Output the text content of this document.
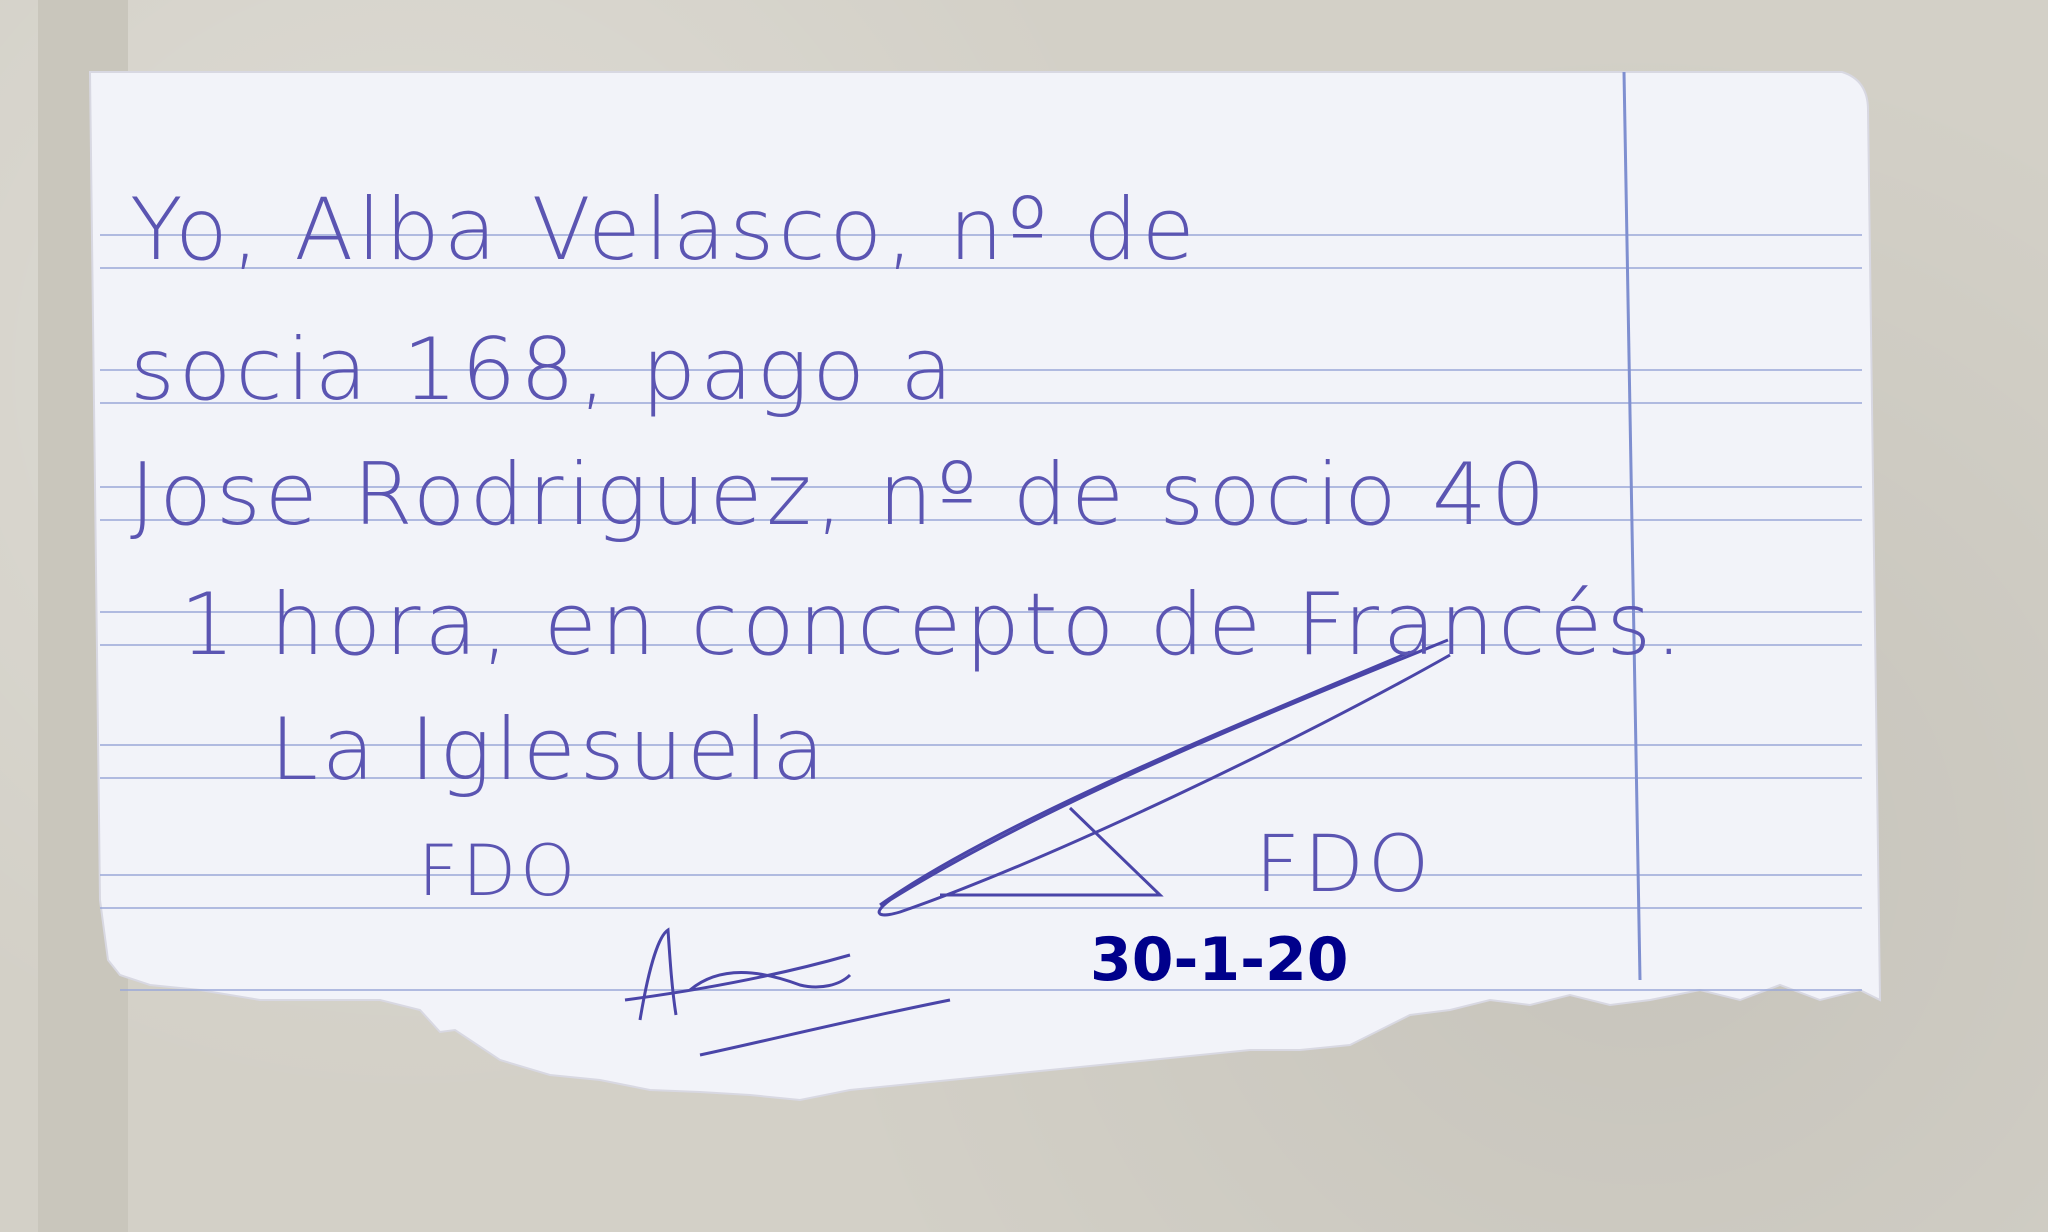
Yo, Alba Velasco, nº de
socia 168, pago a
Jose Rodriguez, nº de socio 40
1 hora, en concepto de Francés.
La Iglesuela
FDO	FDO
30-1-20
